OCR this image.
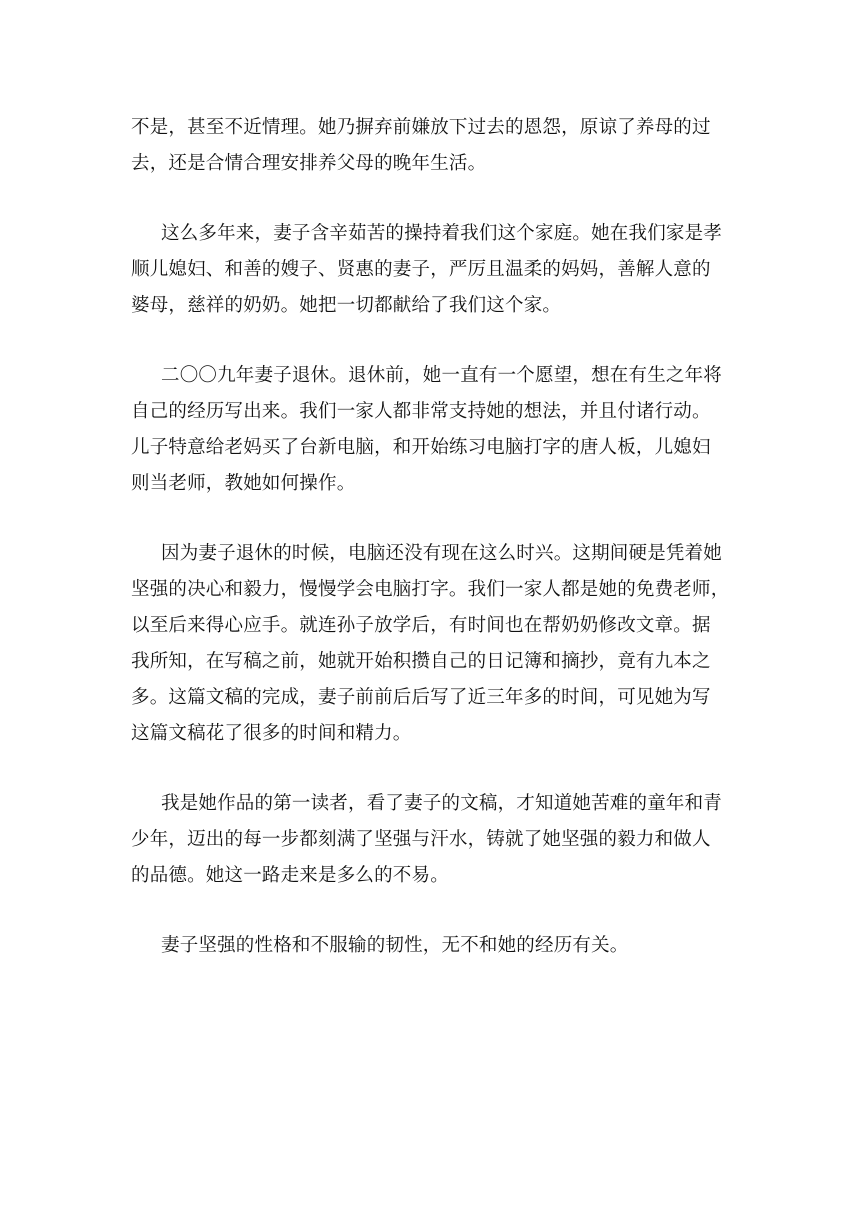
不是，甚至不近情理。她乃摒弃前嫌放下过去的恩怨，原谅了养母的过
去，还是合情合理安排养父母的晚年生活。
这么多年来，妻子含辛茹苦的操持着我们这个家庭。她在我们家是孝
顺儿媳妇、和善的嫂子、贤惠的妻子，严厉且温柔的妈妈，善解人意的
婆母，慈祥的奶奶。她把一切都献给了我们这个家。
二〇〇九年妻子退休。退休前，她一直有一个愿望，想在有生之年将
自己的经历写出来。我们一家人都非常支持她的想法，并且付诸行动。
儿子特意给老妈买了台新电脑，和开始练习电脑打字的唐人板，儿媳妇
则当老师，教她如何操作。
因为妻子退休的时候，电脑还没有现在这么时兴。这期间硬是凭着她
坚强的决心和毅力，慢慢学会电脑打字。我们一家人都是她的免费老师，
以至后来得心应手。就连孙子放学后，有时间也在帮奶奶修改文章。据
我所知，在写稿之前，她就开始积攒自己的日记簿和摘抄，竟有九本之
多。这篇文稿的完成，妻子前前后后写了近三年多的时间，可见她为写
这篇文稿花了很多的时间和精力。
我是她作品的第一读者，看了妻子的文稿，才知道她苦难的童年和青
少年，迈出的每一步都刻满了坚强与汗水，铸就了她坚强的毅力和做人
的品德。她这一路走来是多么的不易。
妻子坚强的性格和不服输的韧性，无不和她的经历有关。
